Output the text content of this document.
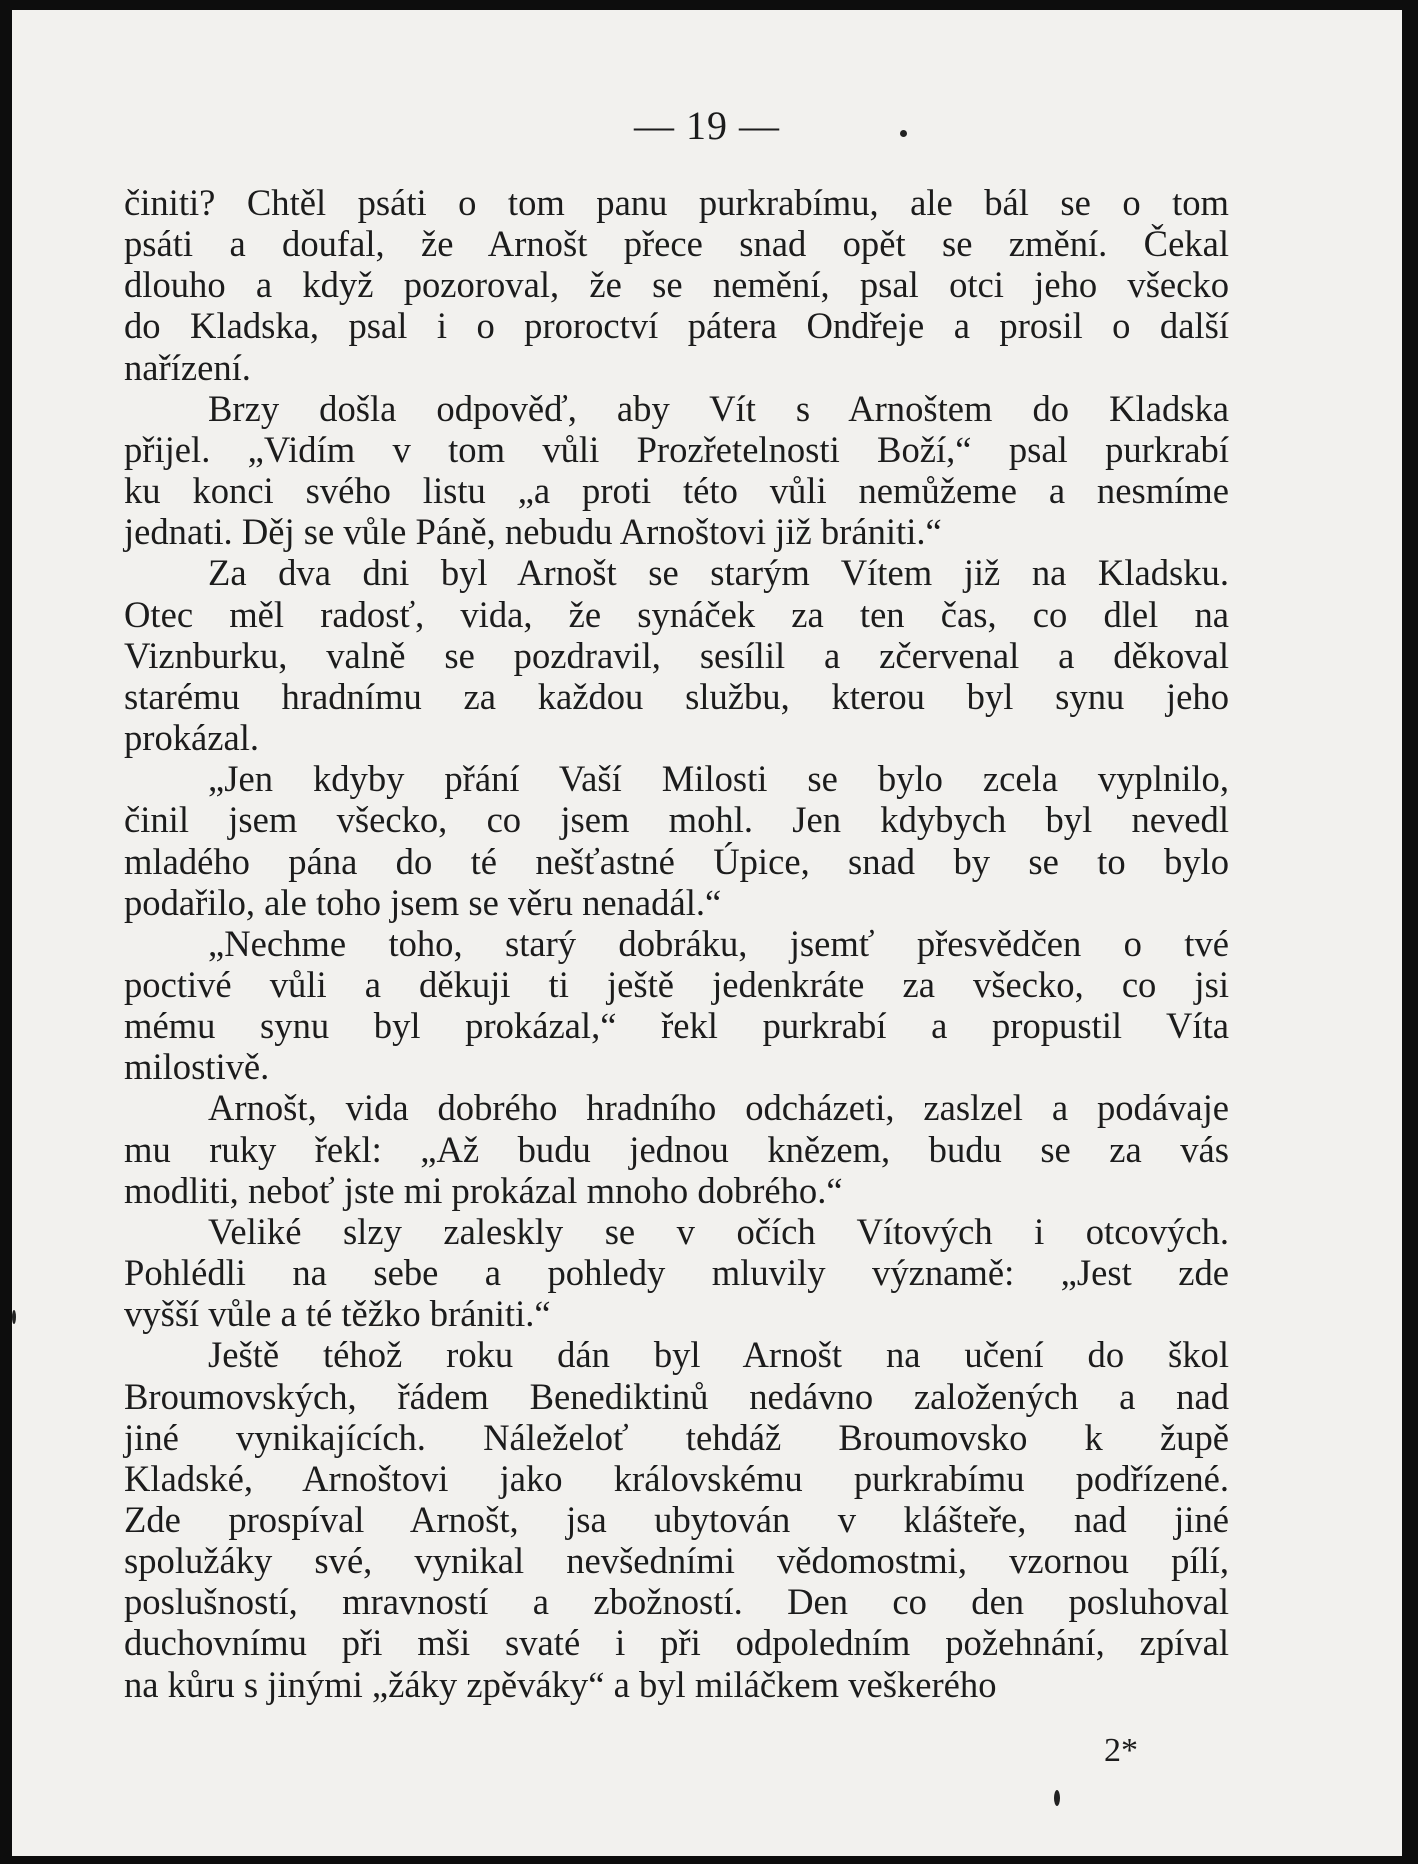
— 19 —
činiti? Chtěl psáti o tom panu purkrabímu, ale bál se o tom
psáti a doufal, že Arnošt přece snad opět se změní. Čekal
dlouho a když pozoroval, že se nemění, psal otci jeho všecko
do Kladska, psal i o proroctví pátera Ondřeje a prosil o další
nařízení.
Brzy došla odpověď, aby Vít s Arnoštem do Kladska
přijel. „Vidím v tom vůli Prozřetelnosti Boží,“ psal purkrabí
ku konci svého listu „a proti této vůli nemůžeme a nesmíme
jednati. Děj se vůle Páně, nebudu Arnoštovi již brániti.“
Za dva dni byl Arnošt se starým Vítem již na Kladsku.
Otec měl radosť, vida, že synáček za ten čas, co dlel na
Viznburku, valně se pozdravil, sesílil a zčervenal a děkoval
starému hradnímu za každou službu, kterou byl synu jeho
prokázal.
„Jen kdyby přání Vaší Milosti se bylo zcela vyplnilo,
činil jsem všecko, co jsem mohl. Jen kdybych byl nevedl
mladého pána do té nešťastné Úpice, snad by se to bylo
podařilo, ale toho jsem se věru nenadál.“
„Nechme toho, starý dobráku, jsemť přesvědčen o tvé
poctivé vůli a děkuji ti ještě jedenkráte za všecko, co jsi
mému synu byl prokázal,“ řekl purkrabí a propustil Víta
milostivě.
Arnošt, vida dobrého hradního odcházeti, zaslzel a podávaje
mu ruky řekl: „Až budu jednou knězem, budu se za vás
modliti, neboť jste mi prokázal mnoho dobrého.“
Veliké slzy zaleskly se v očích Vítových i otcových.
Pohlédli na sebe a pohledy mluvily významě: „Jest zde
vyšší vůle a té těžko brániti.“
Ještě téhož roku dán byl Arnošt na učení do škol
Broumovských, řádem Benediktinů nedávno založených a nad
jiné vynikajících. Náleželoť tehdáž Broumovsko k župě
Kladské, Arnoštovi jako královskému purkrabímu podřízené.
Zde prospíval Arnošt, jsa ubytován v klášteře, nad jiné
spolužáky své, vynikal nevšedními vědomostmi, vzornou pílí,
poslušností, mravností a zbožností. Den co den posluhoval
duchovnímu při mši svaté i při odpoledním požehnání, zpíval
na kůru s jinými „žáky zpěváky“ a byl miláčkem veškerého
2*
